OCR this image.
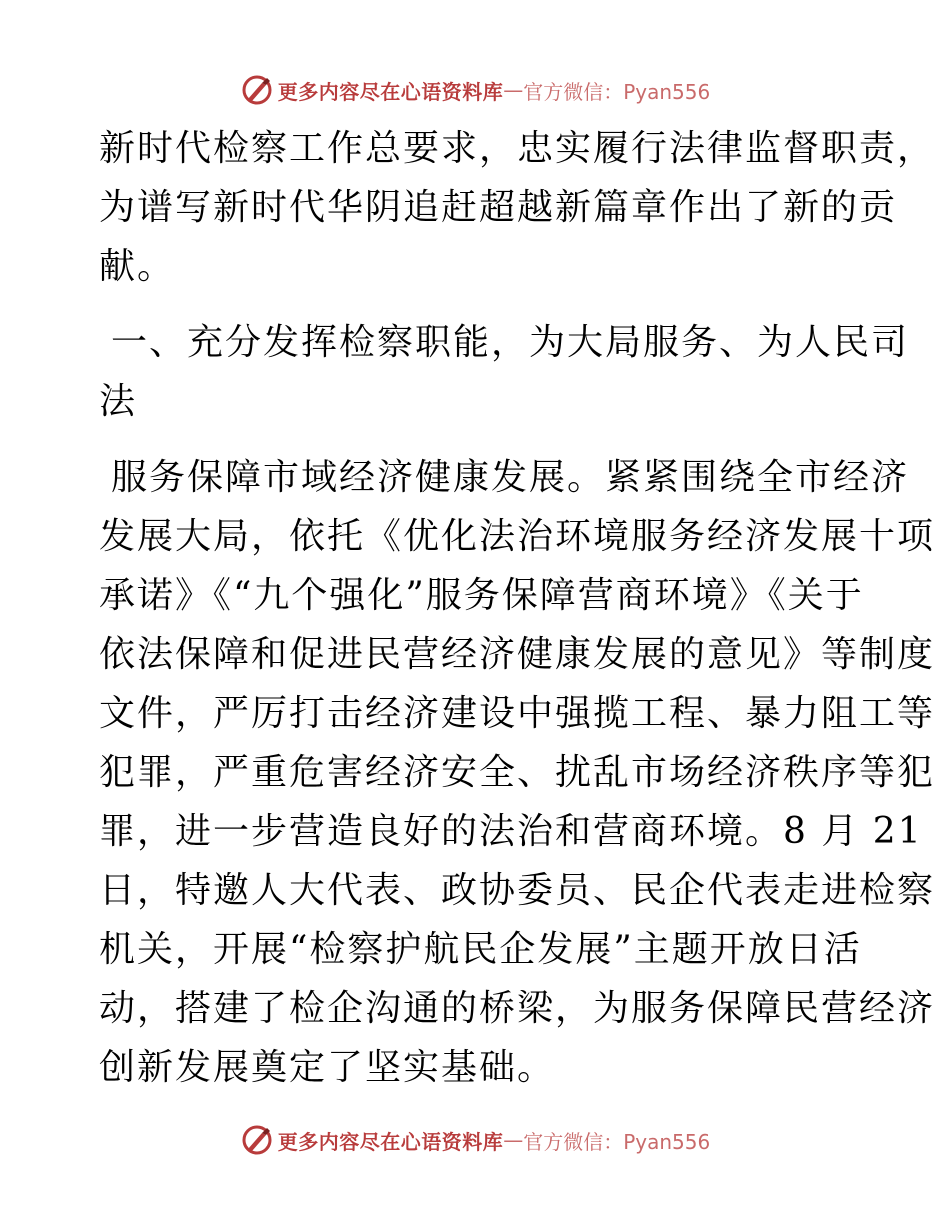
更多内容尽在心语资料库 — 官方微信：Pyan556

新时代检察工作总要求，忠实履行法律监督职责，
为谱写新时代华阴追赶超越新篇章作出了新的贡
献。

一、充分发挥检察职能，为大局服务、为人民司
法

服务保障市域经济健康发展。紧紧围绕全市经济
发展大局，依托《优化法治环境服务经济发展十项
承诺》《“九个强化”服务保障营商环境》《关于
依法保障和促进民营经济健康发展的意见》等制度
文件，严厉打击经济建设中强揽工程、暴力阻工等
犯罪，严重危害经济安全、扰乱市场经济秩序等犯
罪，进一步营造良好的法治和营商环境。8 月 21
日，特邀人大代表、政协委员、民企代表走进检察
机关，开展“检察护航民企发展”主题开放日活
动，搭建了检企沟通的桥梁，为服务保障民营经济
创新发展奠定了坚实基础。

更多内容尽在心语资料库 — 官方微信：Pyan556
